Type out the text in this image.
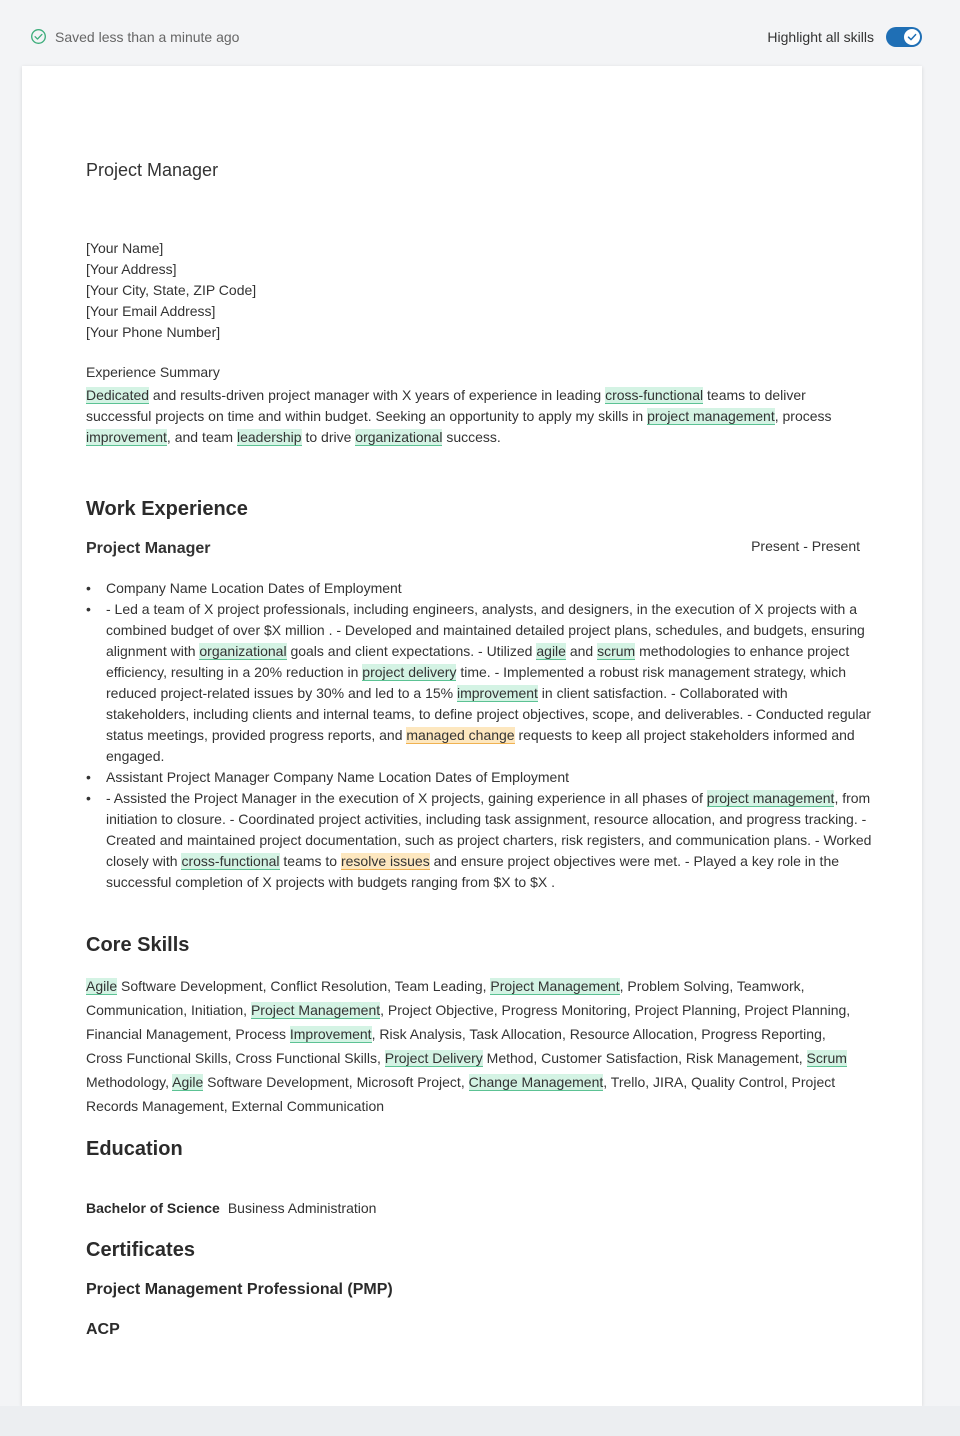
Saved less than a minute ago	Highlight all skills
Project Manager
[Your Name]
[Your Address]
[Your City, State, ZIP Code]
[Your Email Address]
[Your Phone Number]
Experience Summary
Dedicated and results-driven project manager with X years of experience in leading cross-functional teams to deliver successful projects on time and within budget. Seeking an opportunity to apply my skills in project management, process improvement, and team leadership to drive organizational success.
Work Experience
Project Manager	Present - Present
• Company Name Location Dates of Employment
• - Led a team of X project professionals, including engineers, analysts, and designers, in the execution of X projects with a combined budget of over $X million . - Developed and maintained detailed project plans, schedules, and budgets, ensuring alignment with organizational goals and client expectations. - Utilized agile and scrum methodologies to enhance project efficiency, resulting in a 20% reduction in project delivery time. - Implemented a robust risk management strategy, which reduced project-related issues by 30% and led to a 15% improvement in client satisfaction. - Collaborated with stakeholders, including clients and internal teams, to define project objectives, scope, and deliverables. - Conducted regular status meetings, provided progress reports, and managed change requests to keep all project stakeholders informed and engaged.
• Assistant Project Manager Company Name Location Dates of Employment
• - Assisted the Project Manager in the execution of X projects, gaining experience in all phases of project management, from initiation to closure. - Coordinated project activities, including task assignment, resource allocation, and progress tracking. - Created and maintained project documentation, such as project charters, risk registers, and communication plans. - Worked closely with cross-functional teams to resolve issues and ensure project objectives were met. - Played a key role in the successful completion of X projects with budgets ranging from $X to $X .
Core Skills
Agile Software Development, Conflict Resolution, Team Leading, Project Management, Problem Solving, Teamwork, Communication, Initiation, Project Management, Project Objective, Progress Monitoring, Project Planning, Project Planning, Financial Management, Process Improvement, Risk Analysis, Task Allocation, Resource Allocation, Progress Reporting, Cross Functional Skills, Cross Functional Skills, Project Delivery Method, Customer Satisfaction, Risk Management, Scrum Methodology, Agile Software Development, Microsoft Project, Change Management, Trello, JIRA, Quality Control, Project Records Management, External Communication
Education
Bachelor of Science Business Administration
Certificates
Project Management Professional (PMP)
ACP
